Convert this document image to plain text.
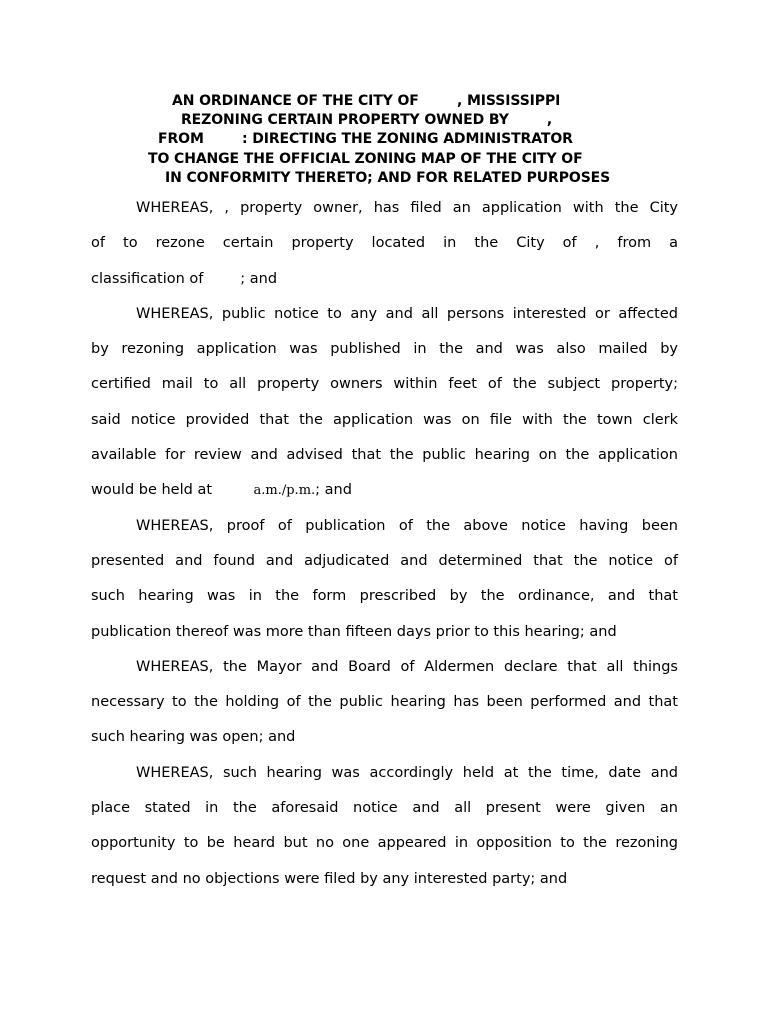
AN ORDINANCE OF THE CITY OF        , MISSISSIPPI
REZONING CERTAIN PROPERTY OWNED BY        ,
FROM        : DIRECTING THE ZONING ADMINISTRATOR
TO CHANGE THE OFFICIAL ZONING MAP OF THE CITY OF
IN CONFORMITY THERETO; AND FOR RELATED PURPOSES
WHEREAS, , property owner, has filed an application with the City
of to rezone certain property located in the City of , from a
classification of        ; and
WHEREAS, public notice to any and all persons interested or affected
by rezoning application was published in the and was also mailed by
certified mail to all property owners within feet of the subject property;
said notice provided that the application was on file with the town clerk
available for review and advised that the public hearing on the application
would be held at         a.m./p.m.; and
WHEREAS, proof of publication of the above notice having been
presented and found and adjudicated and determined that the notice of
such hearing was in the form prescribed by the ordinance, and that
publication thereof was more than fifteen days prior to this hearing; and
WHEREAS, the Mayor and Board of Aldermen declare that all things
necessary to the holding of the public hearing has been performed and that
such hearing was open; and
WHEREAS, such hearing was accordingly held at the time, date and
place stated in the aforesaid notice and all present were given an
opportunity to be heard but no one appeared in opposition to the rezoning
request and no objections were filed by any interested party; and
